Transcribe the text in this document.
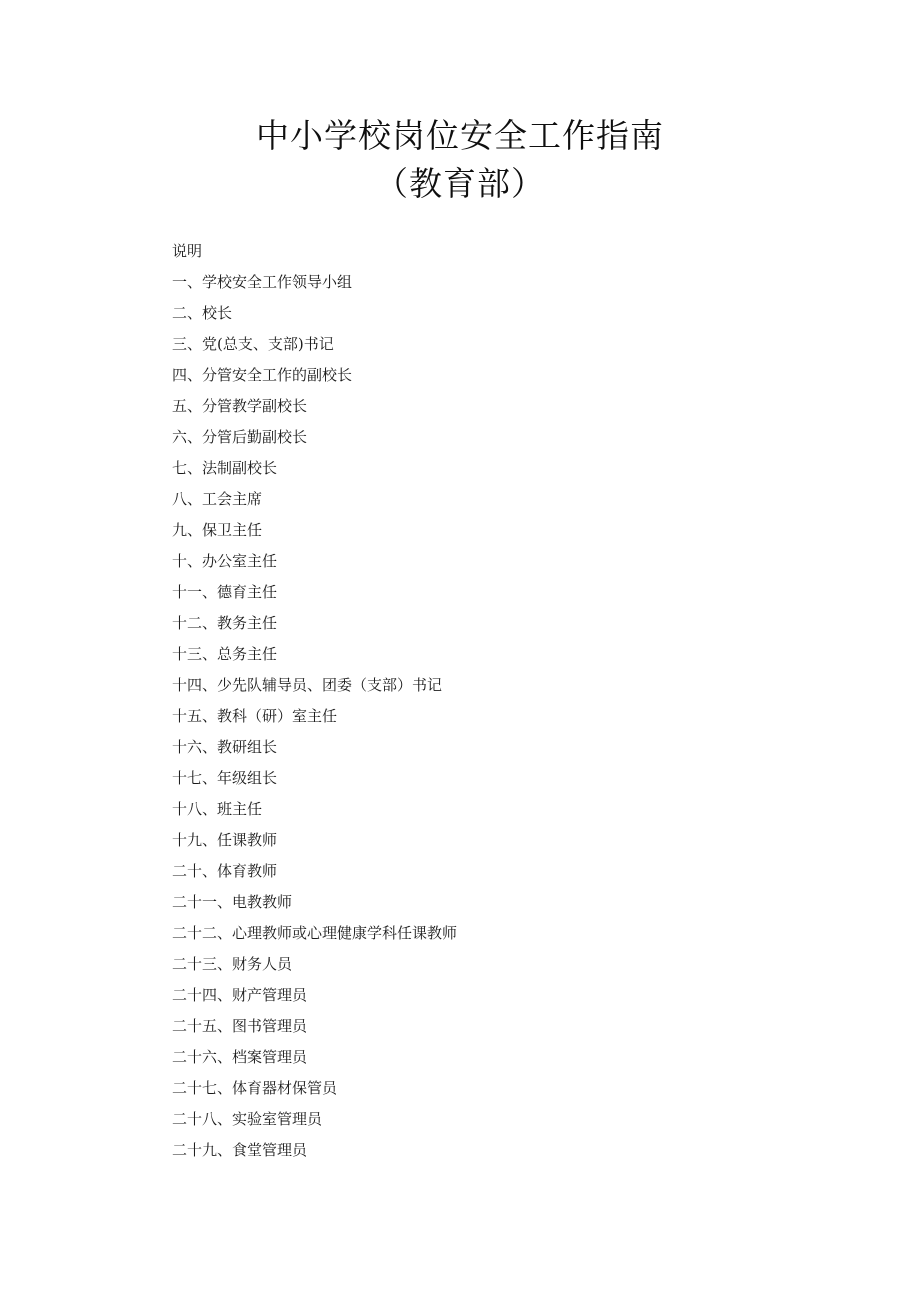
中小学校岗位安全工作指南
（教育部）
说明
一、学校安全工作领导小组
二、校长
三、党(总支、支部)书记
四、分管安全工作的副校长
五、分管教学副校长
六、分管后勤副校长
七、法制副校长
八、工会主席
九、保卫主任
十、办公室主任
十一、德育主任
十二、教务主任
十三、总务主任
十四、少先队辅导员、团委（支部）书记
十五、教科（研）室主任
十六、教研组长
十七、年级组长
十八、班主任
十九、任课教师
二十、体育教师
二十一、电教教师
二十二、心理教师或心理健康学科任课教师
二十三、财务人员
二十四、财产管理员
二十五、图书管理员
二十六、档案管理员
二十七、体育器材保管员
二十八、实验室管理员
二十九、食堂管理员
